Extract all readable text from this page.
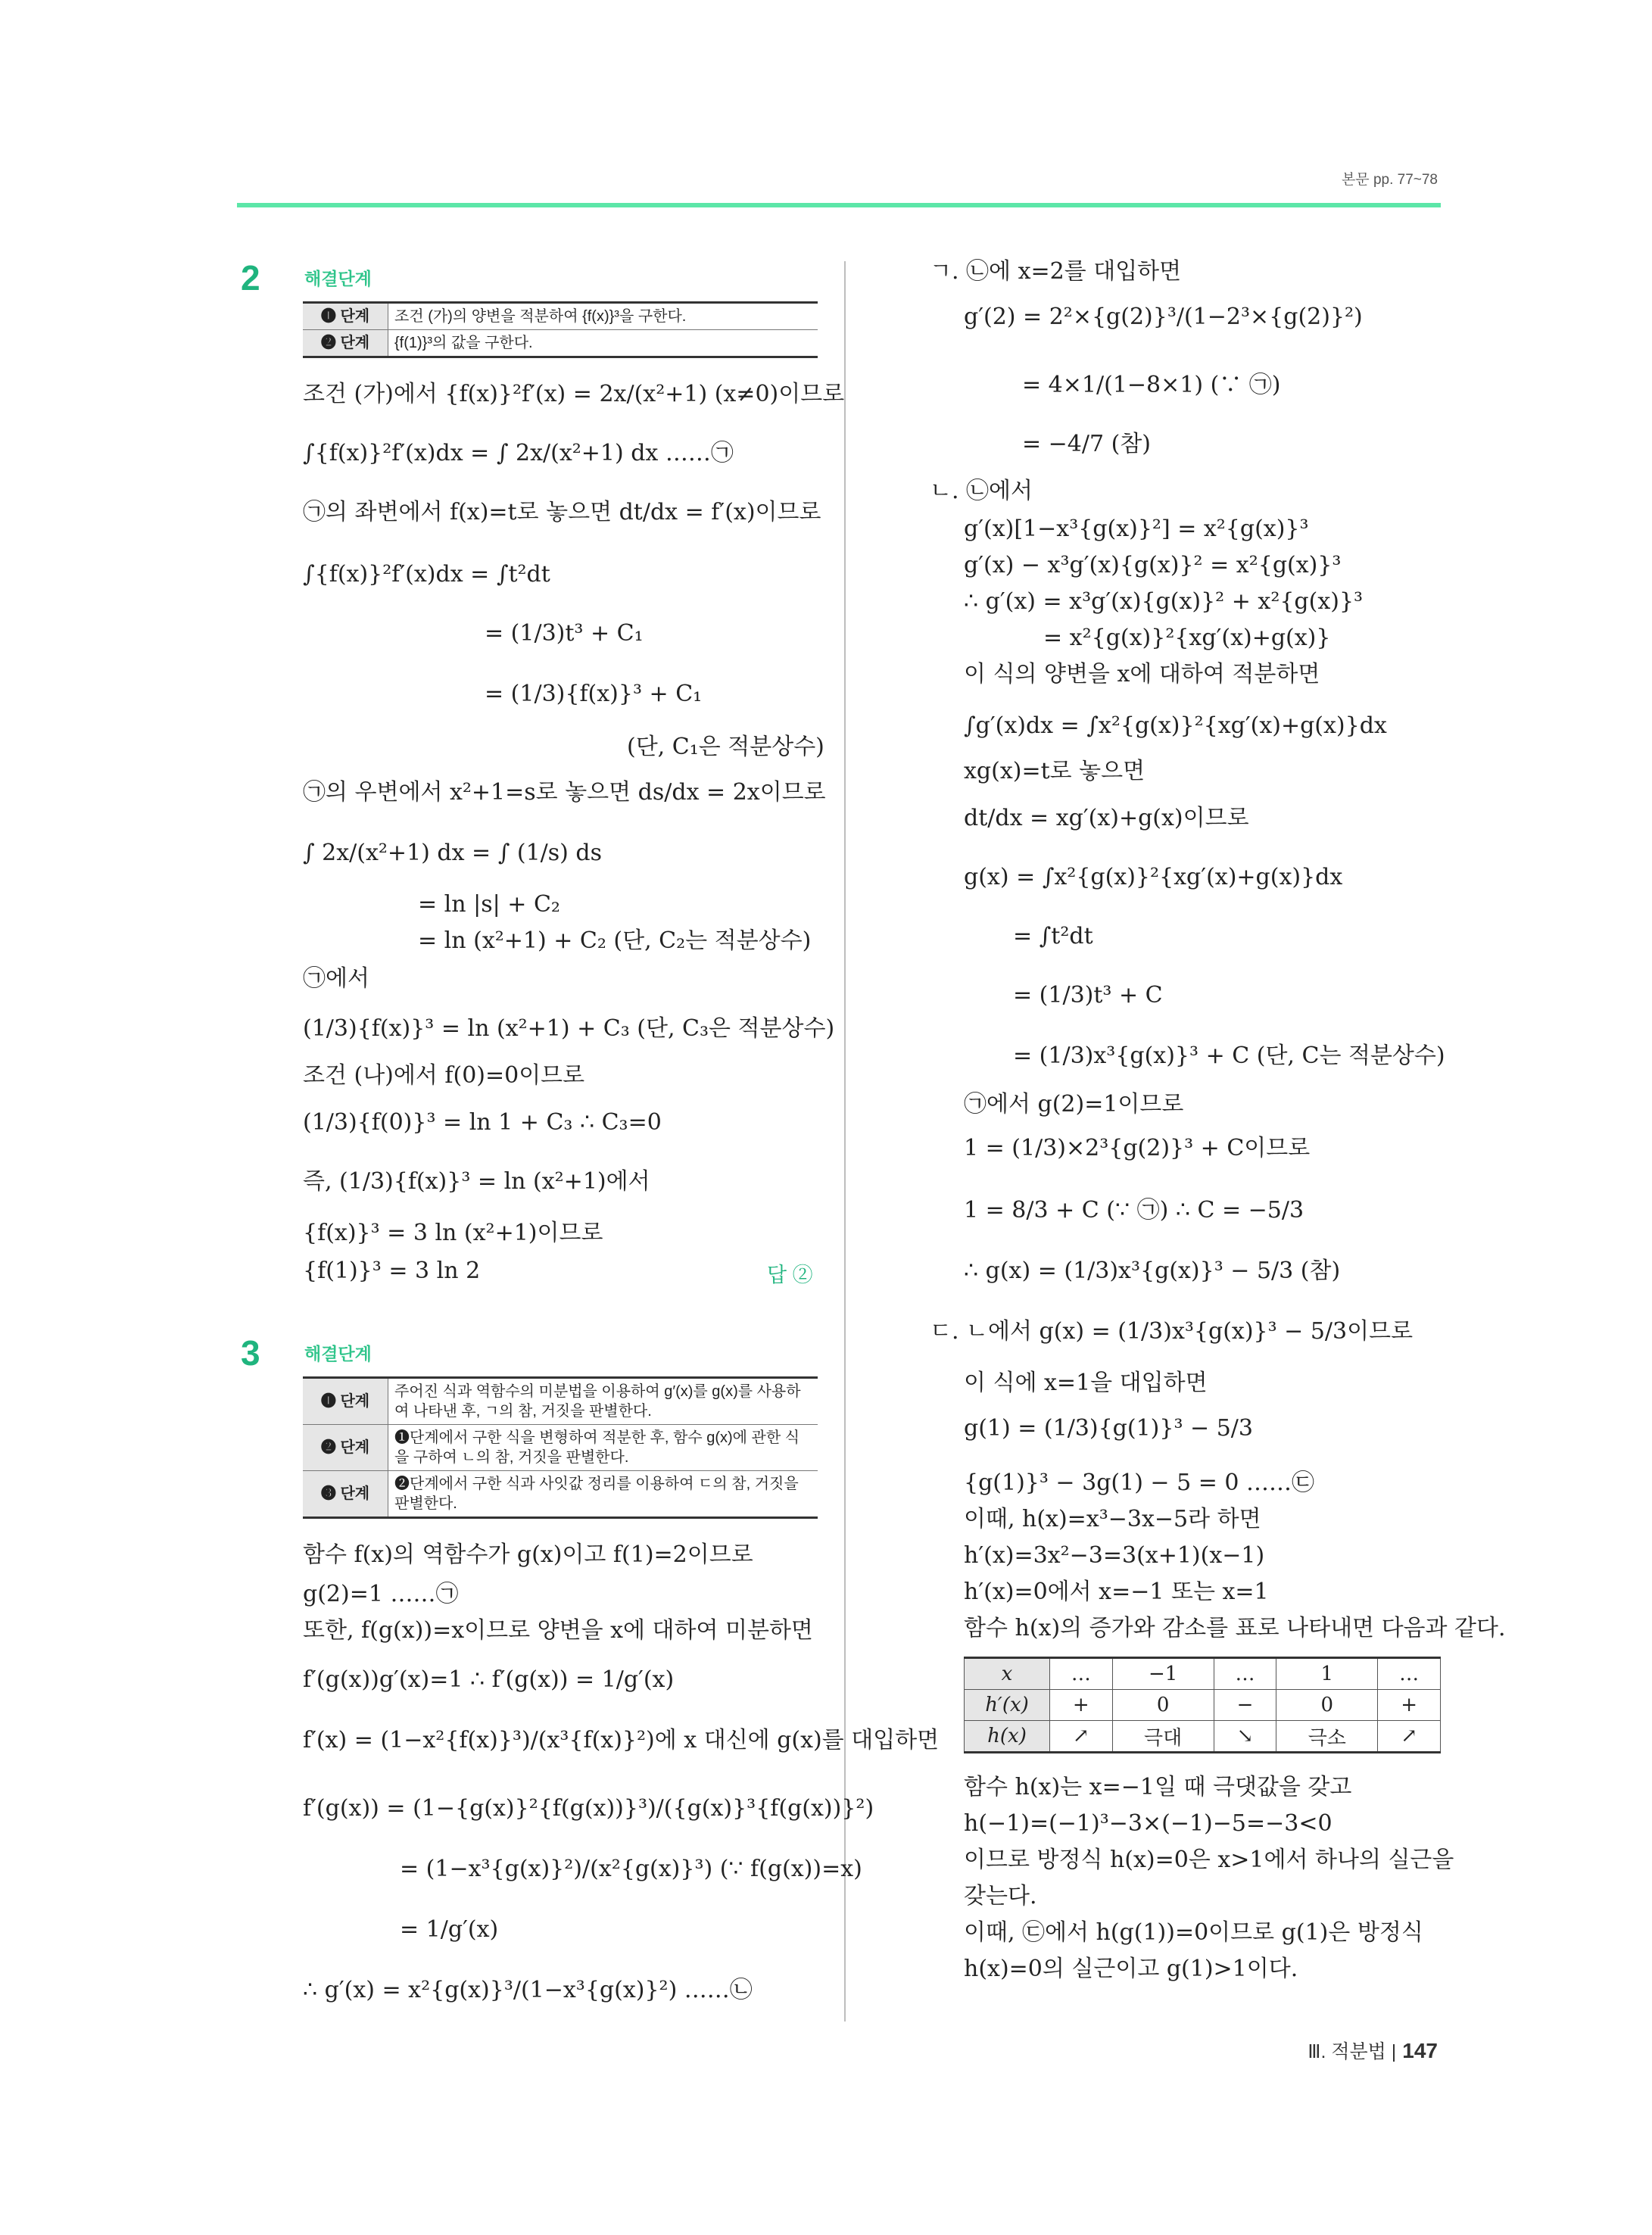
본문 pp. 77~78
2	해결단계
❶ 단계	조건 (가)의 양변을 적분하여 {f(x)}³을 구한다.
❷ 단계	{f(1)}³의 값을 구한다.
조건 (가)에서 {f(x)}²f′(x) = 2x/(x²+1) (x≠0)이므로
∫{f(x)}²f′(x)dx = ∫ 2x/(x²+1) dx ……㉠
㉠의 좌변에서 f(x)=t로 놓으면 dt/dx = f′(x)이므로
∫{f(x)}²f′(x)dx = ∫t²dt
= (1/3)t³ + C₁
= (1/3){f(x)}³ + C₁
(단, C₁은 적분상수)
㉠의 우변에서 x²+1=s로 놓으면 ds/dx = 2x이므로
∫ 2x/(x²+1) dx = ∫ (1/s) ds
= ln |s| + C₂
= ln (x²+1) + C₂ (단, C₂는 적분상수)
㉠에서
(1/3){f(x)}³ = ln (x²+1) + C₃ (단, C₃은 적분상수)
조건 (나)에서 f(0)=0이므로
(1/3){f(0)}³ = ln 1 + C₃ ∴ C₃=0
즉, (1/3){f(x)}³ = ln (x²+1)에서
{f(x)}³ = 3 ln (x²+1)이므로
{f(1)}³ = 3 ln 2	답 ②
3	해결단계
❶ 단계	주어진 식과 역함수의 미분법을 이용하여 g′(x)를 g(x)를 사용하여 나타낸 후, ㄱ의 참, 거짓을 판별한다.
❷ 단계	❶단계에서 구한 식을 변형하여 적분한 후, 함수 g(x)에 관한 식을 구하여 ㄴ의 참, 거짓을 판별한다.
❸ 단계	❷단계에서 구한 식과 사잇값 정리를 이용하여 ㄷ의 참, 거짓을 판별한다.
함수 f(x)의 역함수가 g(x)이고 f(1)=2이므로
g(2)=1 ……㉠
또한, f(g(x))=x이므로 양변을 x에 대하여 미분하면
f′(g(x))g′(x)=1 ∴ f′(g(x)) = 1/g′(x)
f′(x) = (1−x²{f(x)}³)/(x³{f(x)}²)에 x 대신에 g(x)를 대입하면
f′(g(x)) = (1−{g(x)}²{f(g(x))}³)/({g(x)}³{f(g(x))}²)
= (1−x³{g(x)}²)/(x²{g(x)}³) (∵ f(g(x))=x)
= 1/g′(x)
∴ g′(x) = x²{g(x)}³/(1−x³{g(x)}²) ……㉡
ㄱ. ㉡에 x=2를 대입하면
g′(2) = 2²×{g(2)}³/(1−2³×{g(2)}²)
= 4×1/(1−8×1) (∵ ㉠)
= −4/7 (참)
ㄴ. ㉡에서
g′(x)[1−x³{g(x)}²] = x²{g(x)}³
g′(x) − x³g′(x){g(x)}² = x²{g(x)}³
∴ g′(x) = x³g′(x){g(x)}² + x²{g(x)}³
= x²{g(x)}²{xg′(x)+g(x)}
이 식의 양변을 x에 대하여 적분하면
∫g′(x)dx = ∫x²{g(x)}²{xg′(x)+g(x)}dx
xg(x)=t로 놓으면
dt/dx = xg′(x)+g(x)이므로
g(x) = ∫x²{g(x)}²{xg′(x)+g(x)}dx
= ∫t²dt
= (1/3)t³ + C
= (1/3)x³{g(x)}³ + C (단, C는 적분상수)
㉠에서 g(2)=1이므로
1 = (1/3)×2³{g(2)}³ + C이므로
1 = 8/3 + C (∵ ㉠) ∴ C = −5/3
∴ g(x) = (1/3)x³{g(x)}³ − 5/3 (참)
ㄷ. ㄴ에서 g(x) = (1/3)x³{g(x)}³ − 5/3이므로
이 식에 x=1을 대입하면
g(1) = (1/3){g(1)}³ − 5/3
{g(1)}³ − 3g(1) − 5 = 0 ……㉢
이때, h(x)=x³−3x−5라 하면
h′(x)=3x²−3=3(x+1)(x−1)
h′(x)=0에서 x=−1 또는 x=1
함수 h(x)의 증가와 감소를 표로 나타내면 다음과 같다.
x	…	−1	…	1	…
h′(x)	+	0	−	0	+
h(x)	↗	극대	↘	극소	↗
함수 h(x)는 x=−1일 때 극댓값을 갖고
h(−1)=(−1)³−3×(−1)−5=−3<0
이므로 방정식 h(x)=0은 x>1에서 하나의 실근을
갖는다.
이때, ㉢에서 h(g(1))=0이므로 g(1)은 방정식
h(x)=0의 실근이고 g(1)>1이다.
Ⅲ. 적분법 | 147
